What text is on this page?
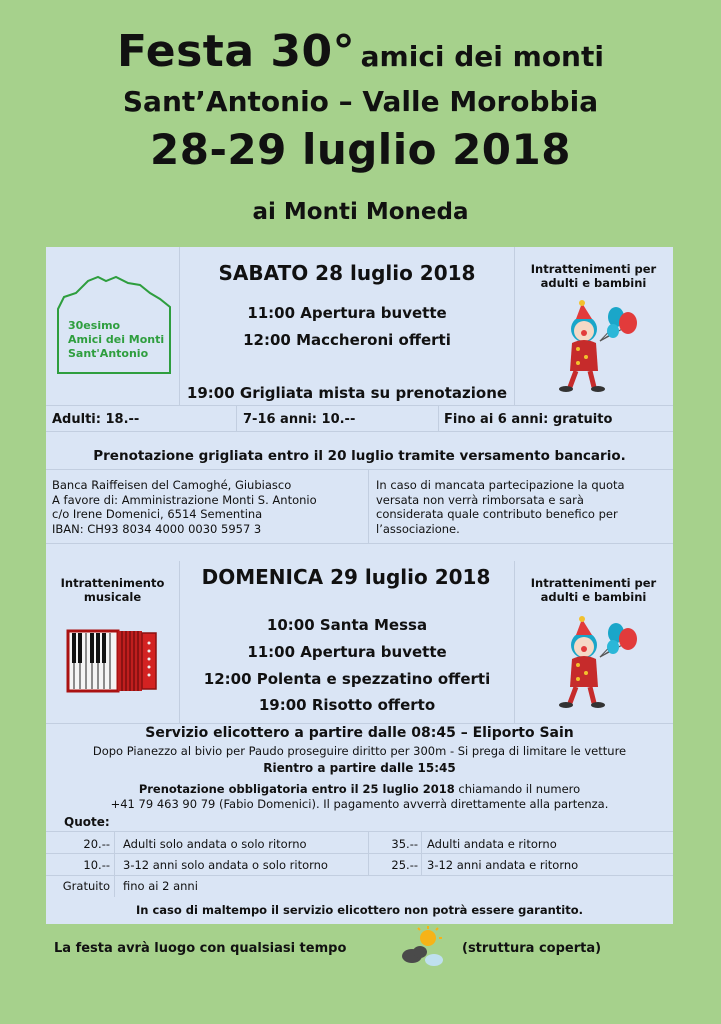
Festa 30° amici dei monti
Sant’Antonio – Valle Morobbia
28-29 luglio 2018
ai Monti Moneda
30esimo
Amici dei Monti
Sant'Antonio
SABATO 28 luglio 2018	Intrattenimenti per adulti e bambini
11:00 Apertura buvette
12:00 Maccheroni offerti
19:00 Grigliata mista su prenotazione
Adulti: 18.--	7-16 anni: 10.--	Fino ai 6 anni: gratuito
Prenotazione grigliata entro il 20 luglio tramite versamento bancario.
Banca Raiffeisen del Camoghé, Giubiasco
A favore di: Amministrazione Monti S. Antonio
c/o Irene Domenici, 6514 Sementina
IBAN: CH93 8034 4000 0030 5957 3
In caso di mancata partecipazione la quota
versata non verrà rimborsata e sarà
considerata quale contributo benefico per
l’associazione.
DOMENICA 29 luglio 2018
Intrattenimento musicale
Intrattenimenti per adulti e bambini
10:00 Santa Messa
11:00 Apertura buvette
12:00 Polenta e spezzatino offerti
19:00 Risotto offerto
Servizio elicottero a partire dalle 08:45 – Eliporto Sain
Dopo Pianezzo al bivio per Paudo proseguire diritto per 300m - Si prega di limitare le vetture
Rientro a partire dalle 15:45
Prenotazione obbligatoria entro il 25 luglio 2018 chiamando il numero
+41 79 463 90 79 (Fabio Domenici). Il pagamento avverrà direttamente alla partenza.
Quote:
20.-- Adulti solo andata o solo ritorno	35.-- Adulti andata e ritorno
10.-- 3-12 anni solo andata o solo ritorno	25.-- 3-12 anni andata e ritorno
Gratuito fino ai 2 anni
In caso di maltempo il servizio elicottero non potrà essere garantito.
La festa avrà luogo con qualsiasi tempo	(struttura coperta)
